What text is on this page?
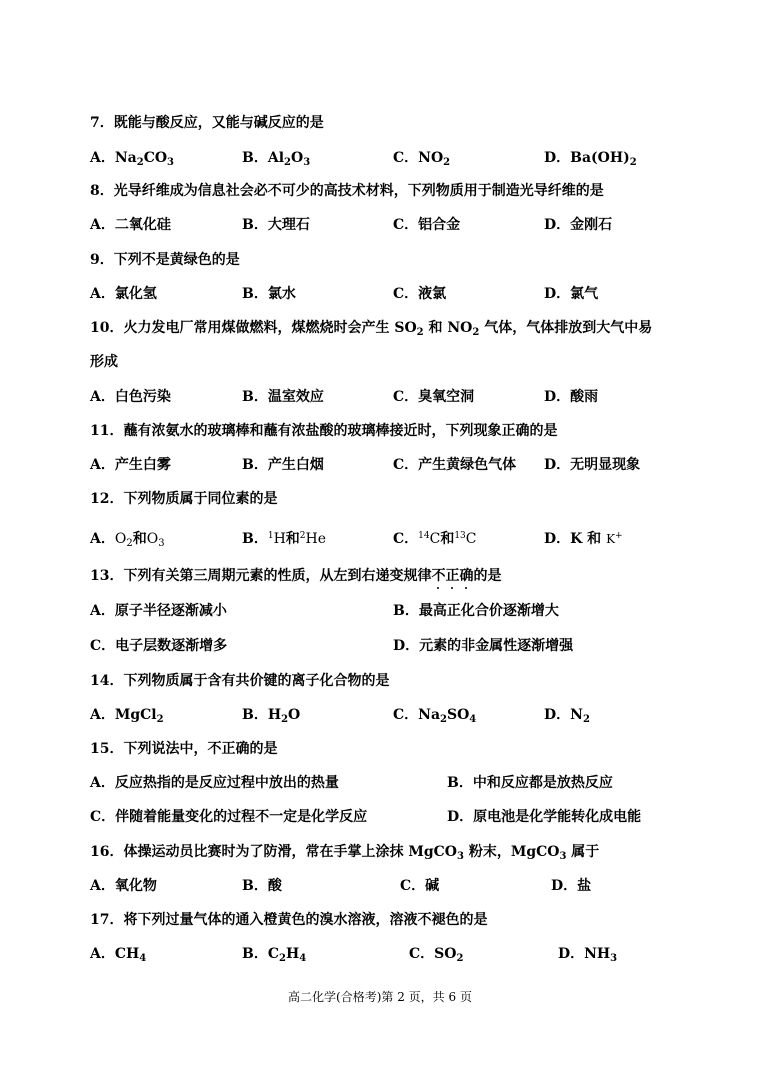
7．既能与酸反应，又能与碱反应的是
A．$Na_2CO_3$	B．$Al_2O_3$	C．$NO_2$	D．$Ba(OH)_2$
8．光导纤维成为信息社会必不可少的高技术材料，下列物质用于制造光导纤维的是
A．二氧化硅	B．大理石	C．铝合金	D．金刚石
9．下列不是黄绿色的是
A．氯化氢	B．氯水	C．液氯	D．氯气
10．火力发电厂常用煤做燃料，煤燃烧时会产生 $SO_2$ 和 $NO_2$ 气体，气体排放到大气中易
形成
A．白色污染	B．温室效应	C．臭氧空洞	D．酸雨
11．蘸有浓氨水的玻璃棒和蘸有浓盐酸的玻璃棒接近时，下列现象正确的是
A．产生白雾	B．产生白烟	C．产生黄绿色气体 D．无明显现象
12．下列物质属于同位素的是
A．$O_2$和$O_3$	B．$^1$H和$^2$He	C．$^{14}$C和$^{13}$C	D．K 和 K+
13．下列有关第三周期元素的性质，从左到右递变规律不正确的是
A．原子半径逐渐减小	B．最高正化合价逐渐增大
C．电子层数逐渐增多	D．元素的非金属性逐渐增强
14．下列物质属于含有共价键的离子化合物的是
A．MgCl$_2$	B．$H_2O$	C．$Na_2SO_4$	D．$N_2$
15．下列说法中，不正确的是
A．反应热指的是反应过程中放出的热量	B．中和反应都是放热反应
C．伴随着能量变化的过程不一定是化学反应	D．原电池是化学能转化成电能
16．体操运动员比赛时为了防滑，常在手掌上涂抹 MgCO$_3$ 粉末，MgCO$_3$ 属于
A．氧化物	B．酸	C．碱	D．盐
17．将下列过量气体的通入橙黄色的溴水溶液，溶液不褪色的是
A．$CH_4$	B．$C_2H_4$	C．$SO_2$	D．$NH_3$
高二化学(合格考)第 2 页，共 6 页
